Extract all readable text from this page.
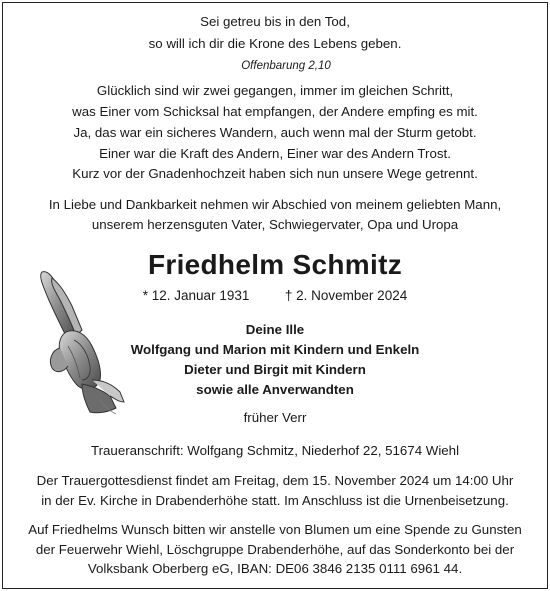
Sei getreu bis in den Tod,
so will ich dir die Krone des Lebens geben.
Offenbarung 2,10
Glücklich sind wir zwei gegangen, immer im gleichen Schritt,
was Einer vom Schicksal hat empfangen, der Andere empfing es mit.
Ja, das war ein sicheres Wandern, auch wenn mal der Sturm getobt.
Einer war die Kraft des Andern, Einer war des Andern Trost.
Kurz vor der Gnadenhochzeit haben sich nun unsere Wege getrennt.
In Liebe und Dankbarkeit nehmen wir Abschied von meinem geliebten Mann,
unserem herzensguten Vater, Schwiegervater, Opa und Uropa
Friedhelm Schmitz
* 12. Januar 1931	† 2. November 2024
Deine Ille
Wolfgang und Marion mit Kindern und Enkeln
Dieter und Birgit mit Kindern
sowie alle Anverwandten
früher Verr
Traueranschrift: Wolfgang Schmitz, Niederhof 22, 51674 Wiehl
Der Trauergottesdienst findet am Freitag, dem 15. November 2024 um 14:00 Uhr
in der Ev. Kirche in Drabenderhöhe statt. Im Anschluss ist die Urnenbeisetzung.
Auf Friedhelms Wunsch bitten wir anstelle von Blumen um eine Spende zu Gunsten
der Feuerwehr Wiehl, Löschgruppe Drabenderhöhe, auf das Sonderkonto bei der
Volksbank Oberberg eG, IBAN: DE06 3846 2135 0111 6961 44.
